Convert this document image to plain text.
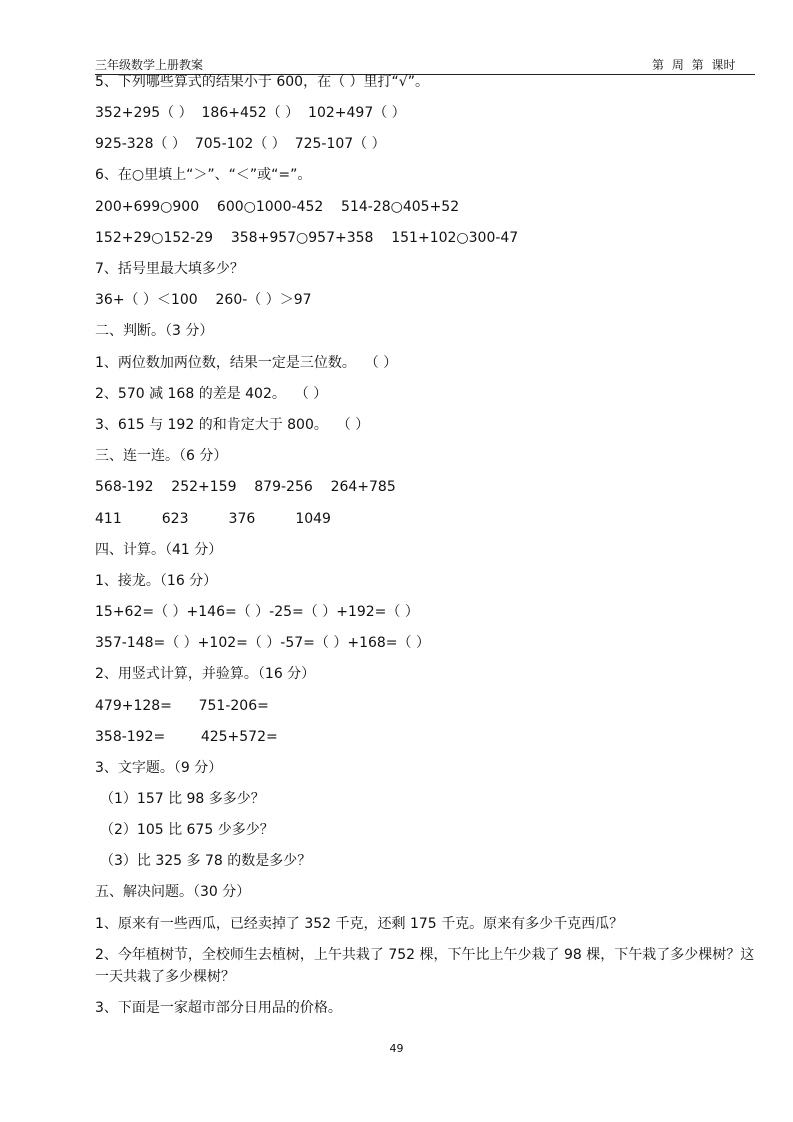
三年级数学上册教案	第 周 第 课时
5、下列哪些算式的结果小于 600，在（ ）里打“√”。
352+295（ ）  186+452（ ）  102+497（ ）
925-328（ ）  705-102（ ）  725-107（ ）
6、在○里填上“＞”、“＜”或“=”。
200+699○900    600○1000-452    514-28○405+52
152+29○152-29    358+957○957+358    151+102○300-47
7、括号里最大填多少？
36+（ ）＜100    260-（ ）＞97
二、判断。（3 分）
1、两位数加两位数，结果一定是三位数。  （ ）
2、570 减 168 的差是 402。  （ ）
3、615 与 192 的和肯定大于 800。  （ ）
三、连一连。（6 分）
568-192    252+159    879-256    264+785
411         623         376         1049
四、计算。（41 分）
1、接龙。（16 分）
15+62=（ ）+146=（ ）-25=（ ）+192=（ ）
357-148=（ ）+102=（ ）-57=（ ）+168=（ ）
2、用竖式计算，并验算。（16 分）
479+128=      751-206=
358-192=        425+572=
3、文字题。（9 分）
（1）157 比 98 多多少？
（2）105 比 675 少多少？
（3）比 325 多 78 的数是多少？
五、解决问题。（30 分）
1、原来有一些西瓜，已经卖掉了 352 千克，还剩 175 千克。原来有多少千克西瓜？
2、今年植树节，全校师生去植树，上午共栽了 752 棵，下午比上午少栽了 98 棵，下午栽了多少棵树？这一天共栽了多少棵树？
3、下面是一家超市部分日用品的价格。
49
